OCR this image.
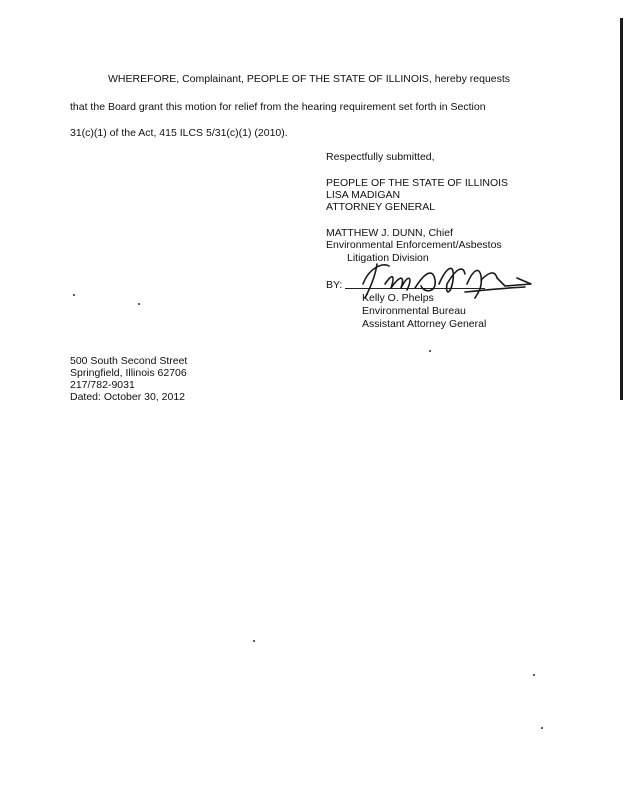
WHEREFORE, Complainant, PEOPLE OF THE STATE OF ILLINOIS, hereby requests
that the Board grant this motion for relief from the hearing requirement set forth in Section
31(c)(1) of the Act, 415 ILCS 5/31(c)(1) (2010).
Respectfully submitted,
PEOPLE OF THE STATE OF ILLINOIS
LISA MADIGAN
ATTORNEY GENERAL
MATTHEW J. DUNN, Chief
Environmental Enforcement/Asbestos
Litigation Division
BY:
Kelly O. Phelps
Environmental Bureau
Assistant Attorney General
500 South Second Street
Springfield, Illinois 62706
217/782-9031
Dated: October 30, 2012
